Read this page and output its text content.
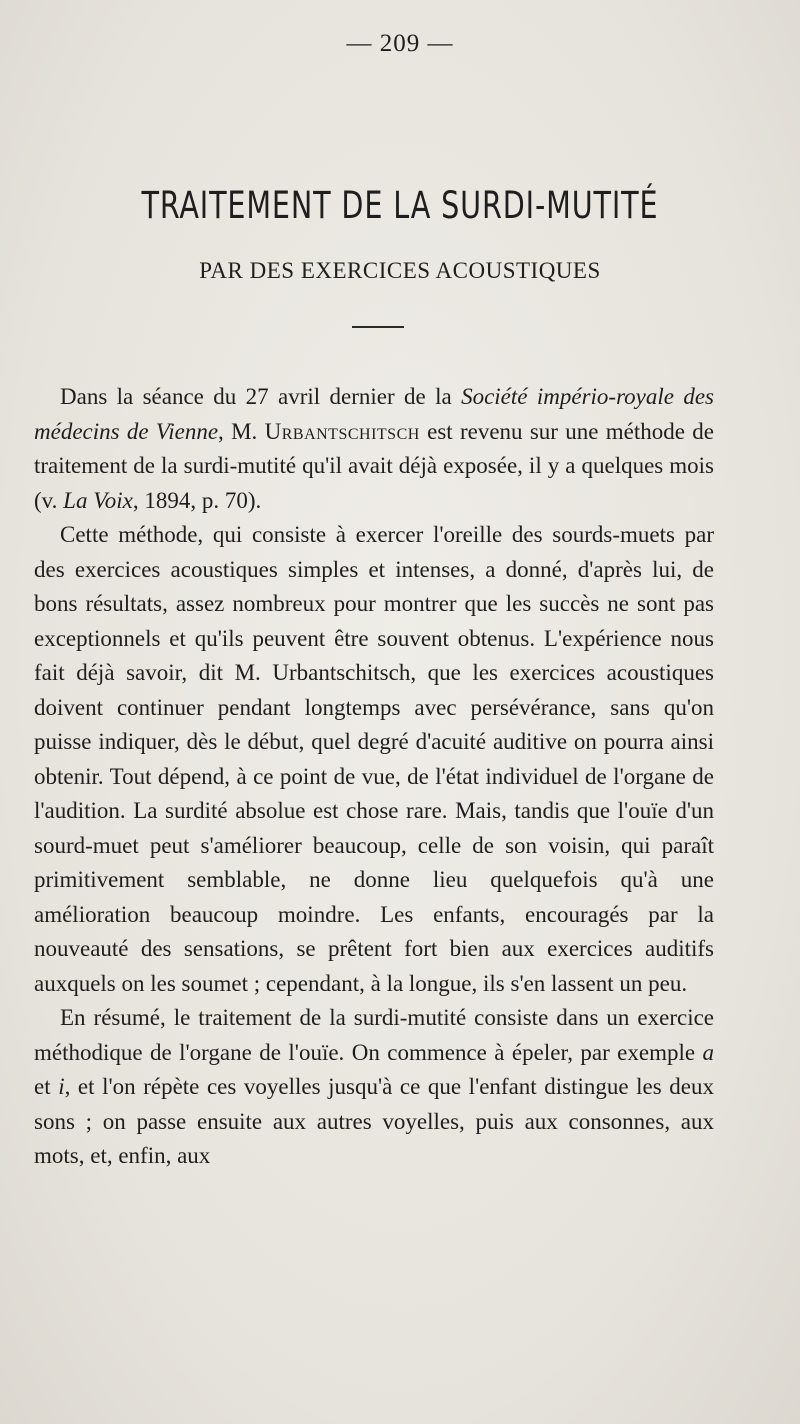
— 209 —
TRAITEMENT DE LA SURDI-MUTITÉ
PAR DES EXERCICES ACOUSTIQUES

Dans la séance du 27 avril dernier de la Société império-royale des médecins de Vienne, M. Urbantschitsch est revenu sur une méthode de traitement de la surdi-mutité qu'il avait déjà exposée, il y a quelques mois (v. La Voix, 1894, p. 70).

Cette méthode, qui consiste à exercer l'oreille des sourds-muets par des exercices acoustiques simples et intenses, a donné, d'après lui, de bons résultats, assez nombreux pour montrer que les succès ne sont pas exceptionnels et qu'ils peuvent être souvent obtenus. L'expérience nous fait déjà savoir, dit M. Urbantschitsch, que les exercices acoustiques doivent continuer pendant longtemps avec persévérance, sans qu'on puisse indiquer, dès le début, quel degré d'acuité auditive on pourra ainsi obtenir. Tout dépend, à ce point de vue, de l'état individuel de l'organe de l'audition. La surdité absolue est chose rare. Mais, tandis que l'ouïe d'un sourd-muet peut s'améliorer beaucoup, celle de son voisin, qui paraît primitivement semblable, ne donne lieu quelquefois qu'à une amélioration beaucoup moindre. Les enfants, encouragés par la nouveauté des sensations, se prêtent fort bien aux exercices auditifs auxquels on les soumet ; cependant, à la longue, ils s'en lassent un peu.

En résumé, le traitement de la surdi-mutité consiste dans un exercice méthodique de l'organe de l'ouïe. On commence à épeler, par exemple a et i, et l'on répète ces voyelles jusqu'à ce que l'enfant distingue les deux sons ; on passe ensuite aux autres voyelles, puis aux consonnes, aux mots, et, enfin, aux
